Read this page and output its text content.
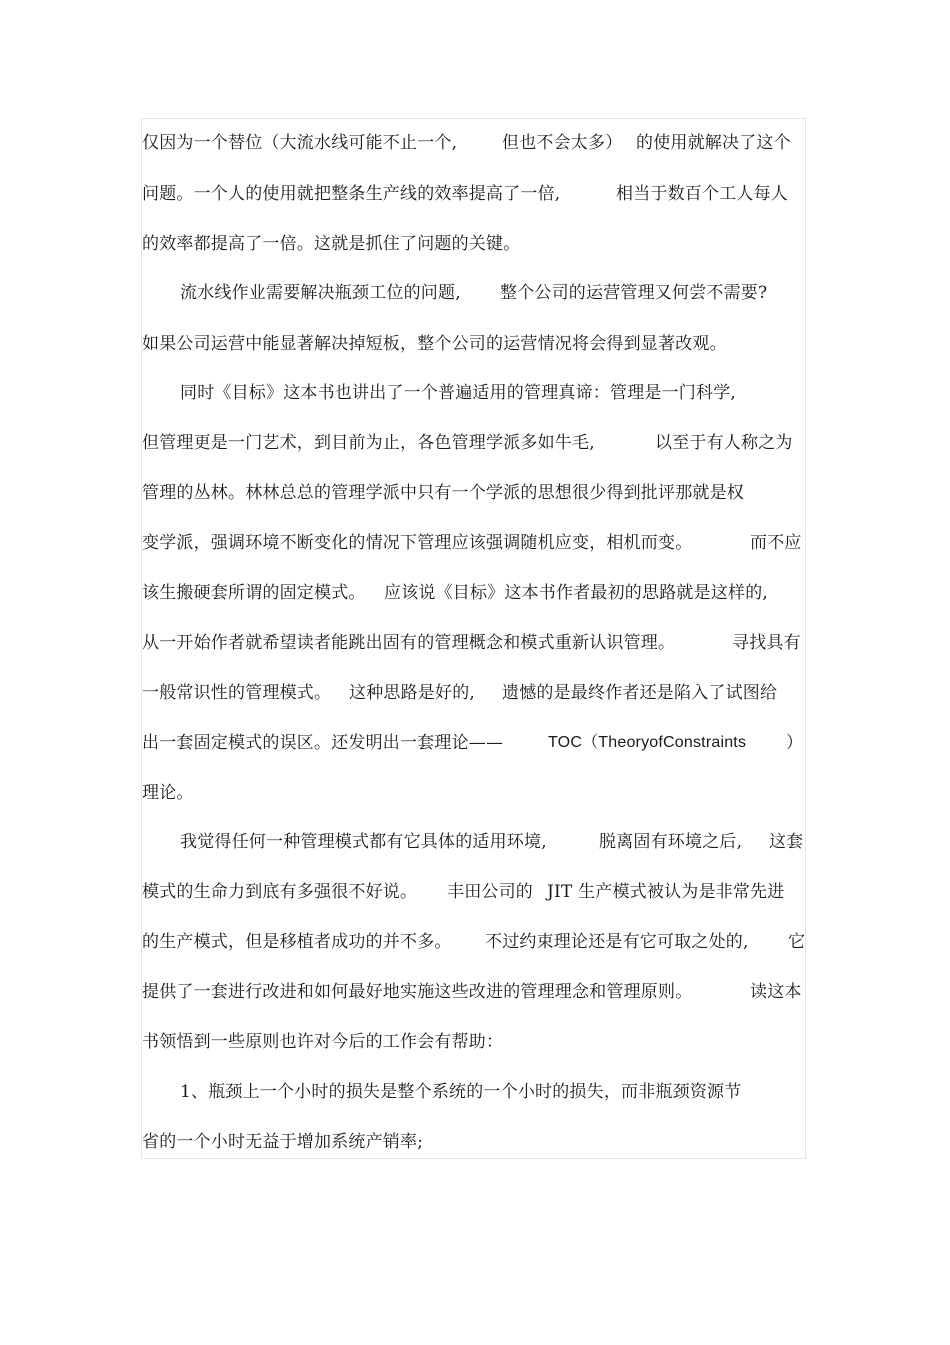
仅因为一个替位（大流水线可能不止一个,

	但也不会太多）

的使用就解决了这个

问题。一个人的使用就把整条生产线的效率提高了一倍,

	相当于数百个工人每人

的效率都提高了一倍。这就是抓住了问题的关键。

流水线作业需要解决瓶颈工位的问题,

整个公司的运营管理又何尝不需要?

如果公司运营中能显著解决掉短板，整个公司的运营情况将会得到显著改观。

同时《目标》这本书也讲出了一个普遍适用的管理真谛：管理是一门科学,

但管理更是一门艺术，到目前为止，各色管理学派多如牛毛,

	以至于有人称之为

管理的丛林。林林总总的管理学派中只有一个学派的思想很少得到批评那就是权

变学派，强调环境不断变化的情况下管理应该强调随机应变，相机而变。

	而不应

该生搬硬套所谓的固定模式。

应该说《目标》这本书作者最初的思路就是这样的,

从一开始作者就希望读者能跳出固有的管理概念和模式重新认识管理。

	寻找具有

一般常识性的管理模式。

这种思路是好的,

遗憾的是最终作者还是陷入了试图给

出一套固定模式的误区。还发明出一套理论——

	TOC（TheoryofConstraints

）

理论。

我觉得任何一种管理模式都有它具体的适用环境,

	脱离固有环境之后,

这套

模式的生命力到底有多强很不好说。

丰田公司的

JIT 生产模式被认为是非常先进

的生产模式，但是移植者成功的并不多。

不过约束理论还是有它可取之处的,

它

提供了一套进行改进和如何最好地实施这些改进的管理理念和管理原则。

	读这本

书领悟到一些原则也许对今后的工作会有帮助：

1、瓶颈上一个小时的损失是整个系统的一个小时的损失，而非瓶颈资源节

省的一个小时无益于增加系统产销率;
